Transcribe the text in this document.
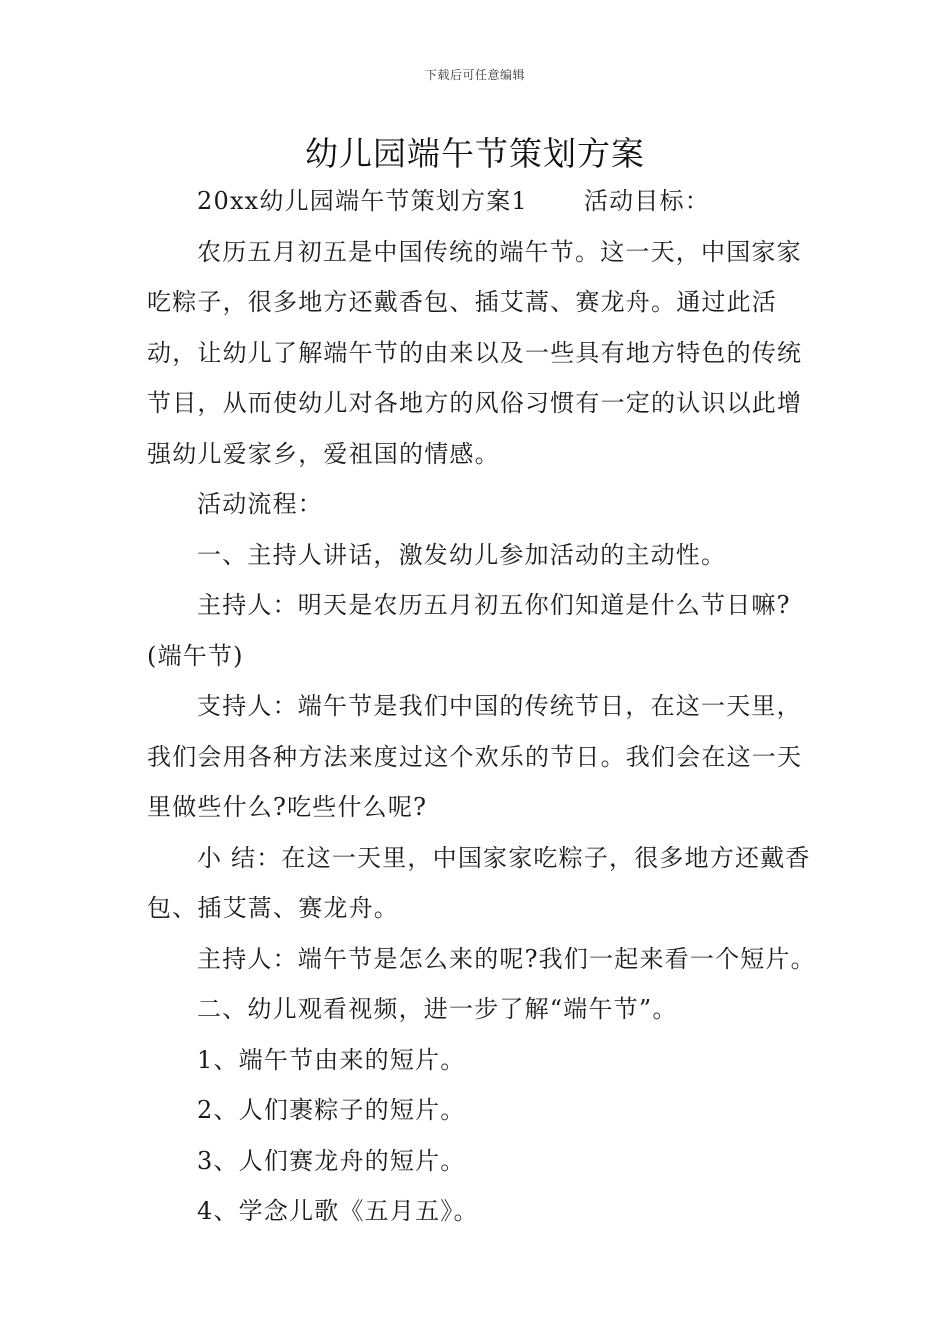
下载后可任意编辑
幼儿园端午节策划方案

20xx幼儿园端午节策划方案1 活动目标：

农历五月初五是中国传统的端午节。这一天，中国家家吃粽子，很多地方还戴香包、插艾蒿、赛龙舟。通过此活动，让幼儿了解端午节的由来以及一些具有地方特色的传统节目，从而使幼儿对各地方的风俗习惯有一定的认识以此增强幼儿爱家乡，爱祖国的情感。

活动流程：

一、主持人讲话，激发幼儿参加活动的主动性。

主持人：明天是农历五月初五你们知道是什么节日嘛?(端午节)

支持人：端午节是我们中国的传统节日，在这一天里，我们会用各种方法来度过这个欢乐的节日。我们会在这一天里做些什么?吃些什么呢?

小 结：在这一天里，中国家家吃粽子，很多地方还戴香包、插艾蒿、赛龙舟。

主持人：端午节是怎么来的呢?我们一起来看一个短片。

二、幼儿观看视频，进一步了解“端午节”。

1、端午节由来的短片。

2、人们裹粽子的短片。

3、人们赛龙舟的短片。

4、学念儿歌《五月五》。
